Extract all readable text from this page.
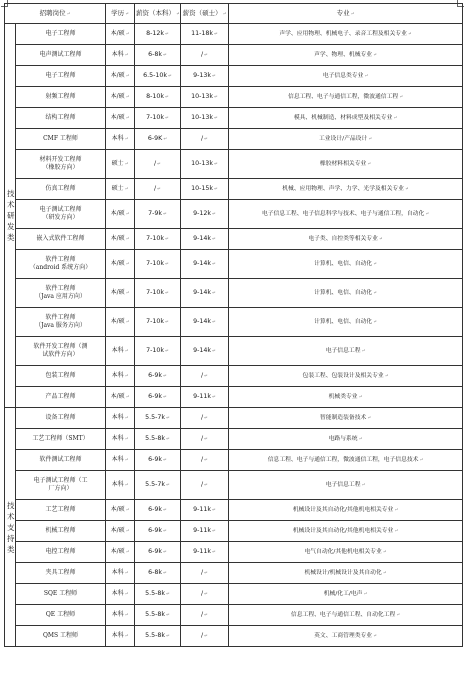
招聘岗位↵		学历↵	薪资（本科）↵	薪资（硕士）↵	专业↵

技
术
研
发
类	电子工程师	本/硕↵	8-12k↵	11-18k↵	声学、应用物理、机械电子、录音工程及相关专业↵

	电声测试工程师	本科↵	6-8k↵	/↵	声学、物理、机械专业↵

	电子工程师	本/硕↵	6.5-10k↵	9-13k↵	电子信息类专业↵

	射频工程师	本/硕↵	8-10k↵	10-13k↵	信息工程、电子与通信工程，微波通信工程↵

	结构工程师	本/硕↵	7-10k↵	10-13k↵	模具、机械制造、材料成型及相关专业↵

	CMF 工程师	本科↵	6-9K↵	/↵	工业设计/产品设计↵

	材料开发工程师
（橡胶方向）	硕士↵	/↵	10-13k↵	橡胶材料相关专业↵

	仿真工程师	硕士↵	/↵	10-15k↵	机械、应用物理、声学、力学、光学及相关专业↵

	电子测试工程师
（研发方向）	本/硕↵	7-9k↵	9-12k↵	电子信息工程、电子信息科学与技术、电子与通信工程，自动化↵

	嵌入式软件工程师	本/硕↵	7-10k↵	9-14k↵	电子类、自控类等相关专业↵

	软件工程师
（android 系统方向）	本/硕↵	7-10k↵	9-14k↵	计算机、电信、自动化↵

	软件工程师
（Java 应用方向）	本/硕↵	7-10k↵	9-14k↵	计算机、电信、自动化↵

	软件工程师
（Java 服务方向）	本/硕↵	7-10k↵	9-14k↵	计算机、电信、自动化↵

	软件开发工程师（测
试软件方向）	本科↵	7-10k↵	9-14k↵	电子信息工程↵

	包装工程师	本科↵	6-9k↵	/↵	包装工程、包装设计及相关专业↵

	产品工程师	本/硕↵	6-9k↵	9-11k↵	机械类专业↵

技
术
支
持
类	设备工程师	本科↵	5.5-7k↵	/↵	智能制造装备技术↵

	工艺工程师（SMT）	本科↵	5.5-8k↵	/↵	电路与系统↵

	软件测试工程师	本科↵	6-9k↵	/↵	信息工程、电子与通信工程，微波通信工程，电子信息技术↵

	电子测试工程师（工
厂方向）	本科↵	5.5-7k↵	/↵	电子信息工程↵

	工艺工程师	本/硕↵	6-9k↵	9-11k↵	机械设计及其自动化/其他机电相关专业↵

	机械工程师	本/硕↵	6-9k↵	9-11k↵	机械设计及其自动化/其他机电相关专业↵

	电控工程师	本/硕↵	6-9k↵	9-11k↵	电气自动化/其他机电相关专业↵

	夹具工程师	本科↵	6-8k↵	/↵	机械设计/机械设计及其自动化↵

	SQE 工程师	本科↵	5.5-8k↵	/↵	机械/化工/电声↵

	QE 工程师	本科↵	5.5-8k↵	/↵	信息工程、电子与通信工程、自动化工程↵

	QMS 工程师	本科↵	5.5-8k↵	/↵	英文、工商管理类专业↵
